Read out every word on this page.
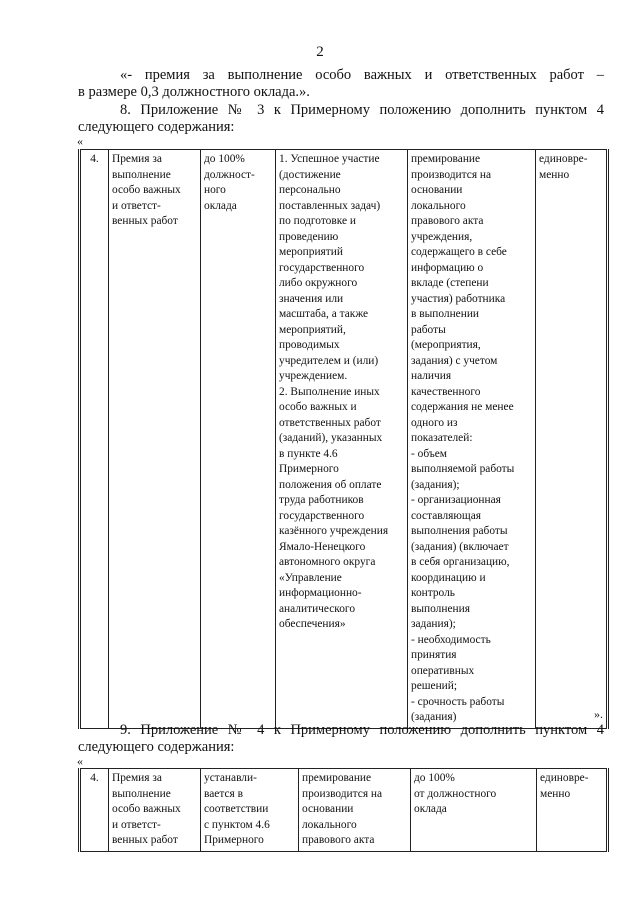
2
«- премия за выполнение особо важных и ответственных работ –
в размере 0,3 должностного оклада.».
8. Приложение № 3 к Примерному положению дополнить пунктом 4
следующего содержания:
«
4.	Премия за
выполнение
особо важных
и ответст-
венных работ

до 100%
должност-
ного
оклада

1. Успешное участие
(достижение
персонально
поставленных задач)
по подготовке и
проведению
мероприятий
государственного
либо окружного
значения или
масштаба, а также
мероприятий,
проводимых
учредителем и (или)
учреждением.
2. Выполнение иных
особо важных и
ответственных работ
(заданий), указанных
в пункте 4.6
Примерного
положения об оплате
труда работников
государственного
казённого учреждения
Ямало-Ненецкого
автономного округа
«Управление
информационно-
аналитического
обеспечения»

премирование
производится на
основании
локального
правового акта
учреждения,
содержащего в себе
информацию о
вкладе (степени
участия) работника
в выполнении
работы
(мероприятия,
задания) с учетом
наличия
качественного
содержания не менее
одного из
показателей:
- объем
выполняемой работы
(задания);
- организационная
составляющая
выполнения работы
(задания) (включает
в себя организацию,
координацию и
контроль
выполнения
задания);
- необходимость
принятия
оперативных
решений;
- срочность работы
(задания)

единовре-
менно
».
9. Приложение № 4 к Примерному положению дополнить пунктом 4
следующего содержания:
«
4.	Премия за
выполнение
особо важных
и ответст-
венных работ

устанавли-
вается в
соответствии
с пунктом 4.6
Примерного

премирование
производится на
основании
локального
правового акта

до 100%
от должностного
оклада

единовре-
менно
